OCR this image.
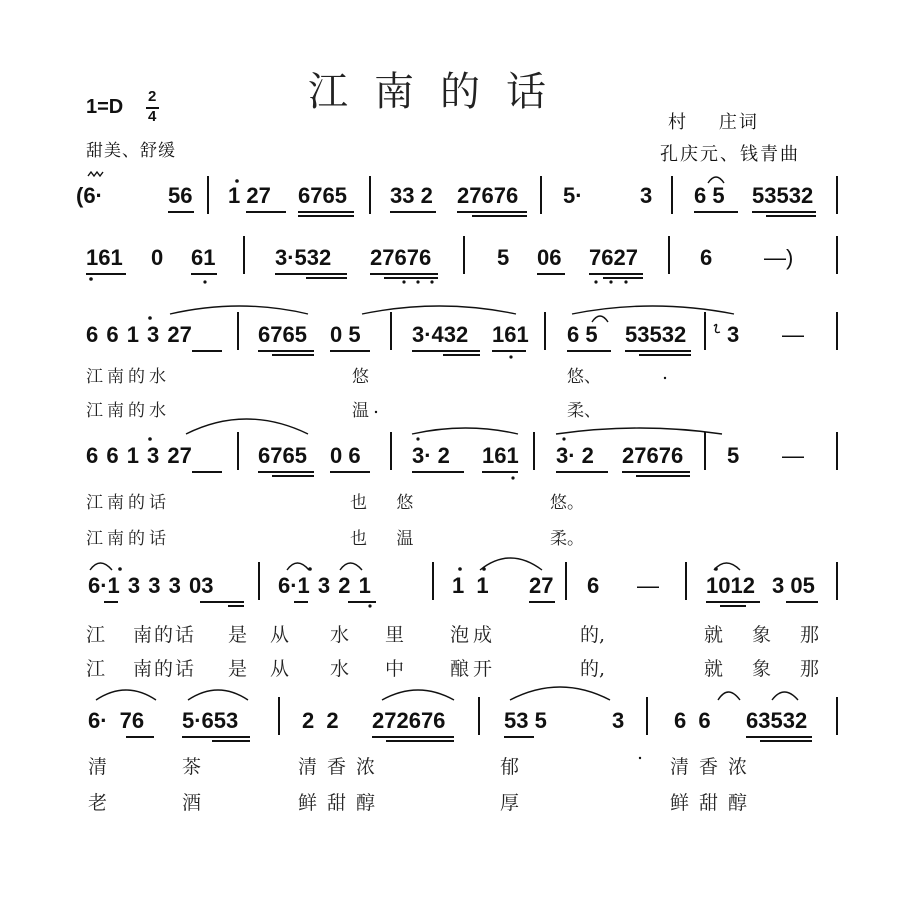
江南的话
1=D 2
4
甜美、舒缓
村    庄词
孔庆元、钱青曲
(6·	56 1 27 6765 33 2 27676 5·	3 6 5 53532
161 0 61	3·532 27676	5 06 7627	6 —)
6 6 1 3 27	6765 0 5 3·432 161 6 5 53532 3 —
江南的水	悠	悠、
江南的水	温	柔、
6 6 1 3 27	6765 0 6 3· 2 161 3· 2 27676 5 —
江南的话	也 悠	悠。
江南的话	也 温	柔。
6·1 3 3 3 03	6·1 3 2 1	1 1 27 6 — 1012 3 05
江 南的话 是 从 水 里 泡成	的,	就 象 那
江 南的话 是 从 水 中 酿开	的,	就 象 那
6· 76 5·653	2 2 272676	53 5	3 6 6 63532
清	茶	清香浓	郁	清香浓
老	酒	鲜甜醇	厚	鲜甜醇
